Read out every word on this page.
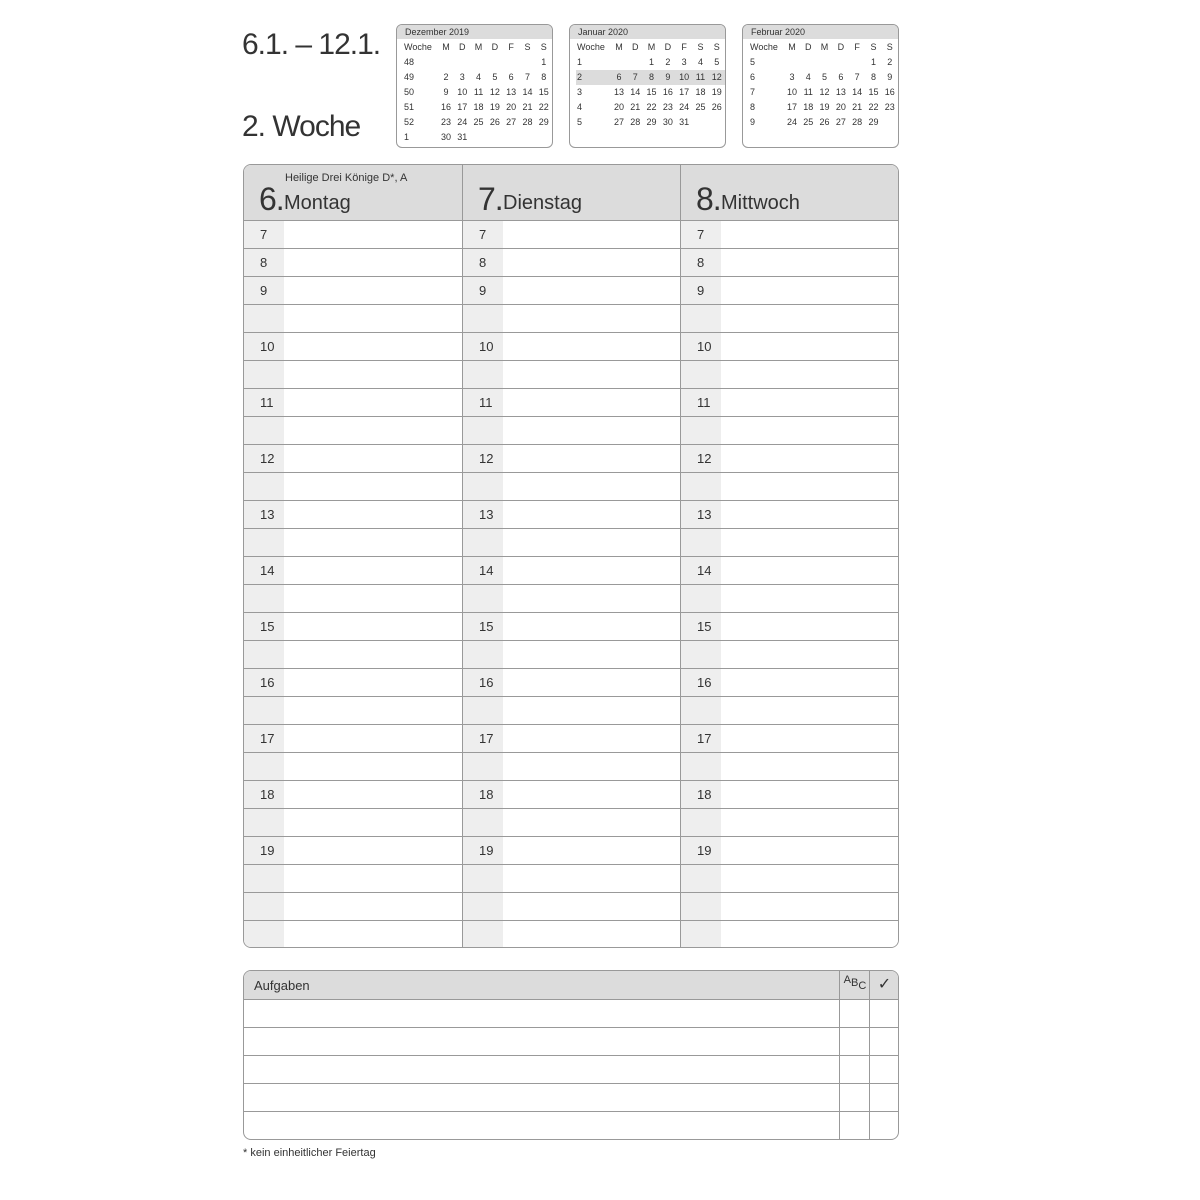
6.1. – 12.1.
2. Woche
Dezember 2019
Woche	M	D	M	D	F	S	S
48							1
49	2	3	4	5	6	7	8
50	9	10	11	12	13	14	15
51	16	17	18	19	20	21	22
52	23	24	25	26	27	28	29
1	30	31					
Januar 2020
Woche	M	D	M	D	F	S	S
1			1	2	3	4	5
2	6	7	8	9	10	11	12
3	13	14	15	16	17	18	19
4	20	21	22	23	24	25	26
5	27	28	29	30	31		
Februar 2020
Woche	M	D	M	D	F	S	S
5						1	2
6	3	4	5	6	7	8	9
7	10	11	12	13	14	15	16
8	17	18	19	20	21	22	23
9	24	25	26	27	28	29	
Heilige Drei Könige D*, A
6. Montag
7
8
9
10
11
12
13
14
15
16
17
18
19
7. Dienstag
7
8
9
10
11
12
13
14
15
16
17
18
19
8. Mittwoch
7
8
9
10
11
12
13
14
15
16
17
18
19
Aufgaben	ABC ✓
* kein einheitlicher Feiertag
